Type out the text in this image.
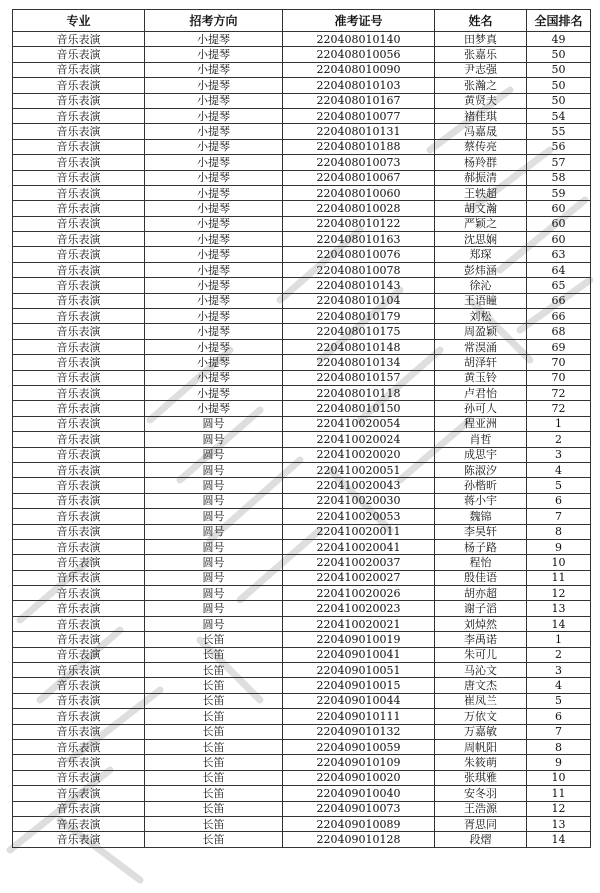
专业	招考方向	准考证号	姓名	全国排名
音乐表演	小提琴	220408010140	田梦真	49
音乐表演	小提琴	220408010056	张嘉乐	50
音乐表演	小提琴	220408010090	尹志强	50
音乐表演	小提琴	220408010103	张瀚之	50
音乐表演	小提琴	220408010167	黄贤夫	50
音乐表演	小提琴	220408010077	褚佳琪	54
音乐表演	小提琴	220408010131	冯嘉晟	55
音乐表演	小提琴	220408010188	蔡传亮	56
音乐表演	小提琴	220408010073	杨羚群	57
音乐表演	小提琴	220408010067	郝振清	58
音乐表演	小提琴	220408010060	王轶超	59
音乐表演	小提琴	220408010028	胡文瀚	60
音乐表演	小提琴	220408010122	严颖之	60
音乐表演	小提琴	220408010163	沈思娴	60
音乐表演	小提琴	220408010076	郑琛	63
音乐表演	小提琴	220408010078	彭炜涵	64
音乐表演	小提琴	220408010143	徐沁	65
音乐表演	小提琴	220408010104	王语瞳	66
音乐表演	小提琴	220408010179	刘松	66
音乐表演	小提琴	220408010175	周盈颖	68
音乐表演	小提琴	220408010148	常淏涌	69
音乐表演	小提琴	220408010134	胡泽轩	70
音乐表演	小提琴	220408010157	黄玉铃	70
音乐表演	小提琴	220408010118	卢君怡	72
音乐表演	小提琴	220408010150	孙可人	72
音乐表演	圆号	220410020054	程亚洲	1
音乐表演	圆号	220410020024	肖哲	2
音乐表演	圆号	220410020020	成思宇	3
音乐表演	圆号	220410020051	陈淑汐	4
音乐表演	圆号	220410020043	孙楷昕	5
音乐表演	圆号	220410020030	蒋小宇	6
音乐表演	圆号	220410020053	魏锦	7
音乐表演	圆号	220410020011	李昊轩	8
音乐表演	圆号	220410020041	杨子路	9
音乐表演	圆号	220410020037	程怡	10
音乐表演	圆号	220410020027	殷佳语	11
音乐表演	圆号	220410020026	胡亦超	12
音乐表演	圆号	220410020023	谢子滔	13
音乐表演	圆号	220410020021	刘焯然	14
音乐表演	长笛	220409010019	李禹诺	1
音乐表演	长笛	220409010041	朱可儿	2
音乐表演	长笛	220409010051	马沁文	3
音乐表演	长笛	220409010015	唐文杰	4
音乐表演	长笛	220409010044	崔凤兰	5
音乐表演	长笛	220409010111	万依文	6
音乐表演	长笛	220409010132	万嘉敏	7
音乐表演	长笛	220409010059	周帆阳	8
音乐表演	长笛	220409010109	朱筱萌	9
音乐表演	长笛	220409010020	张琪雅	10
音乐表演	长笛	220409010040	安冬羽	11
音乐表演	长笛	220409010073	王浩源	12
音乐表演	长笛	220409010089	胥思同	13
音乐表演	长笛	220409010128	段熠	14
